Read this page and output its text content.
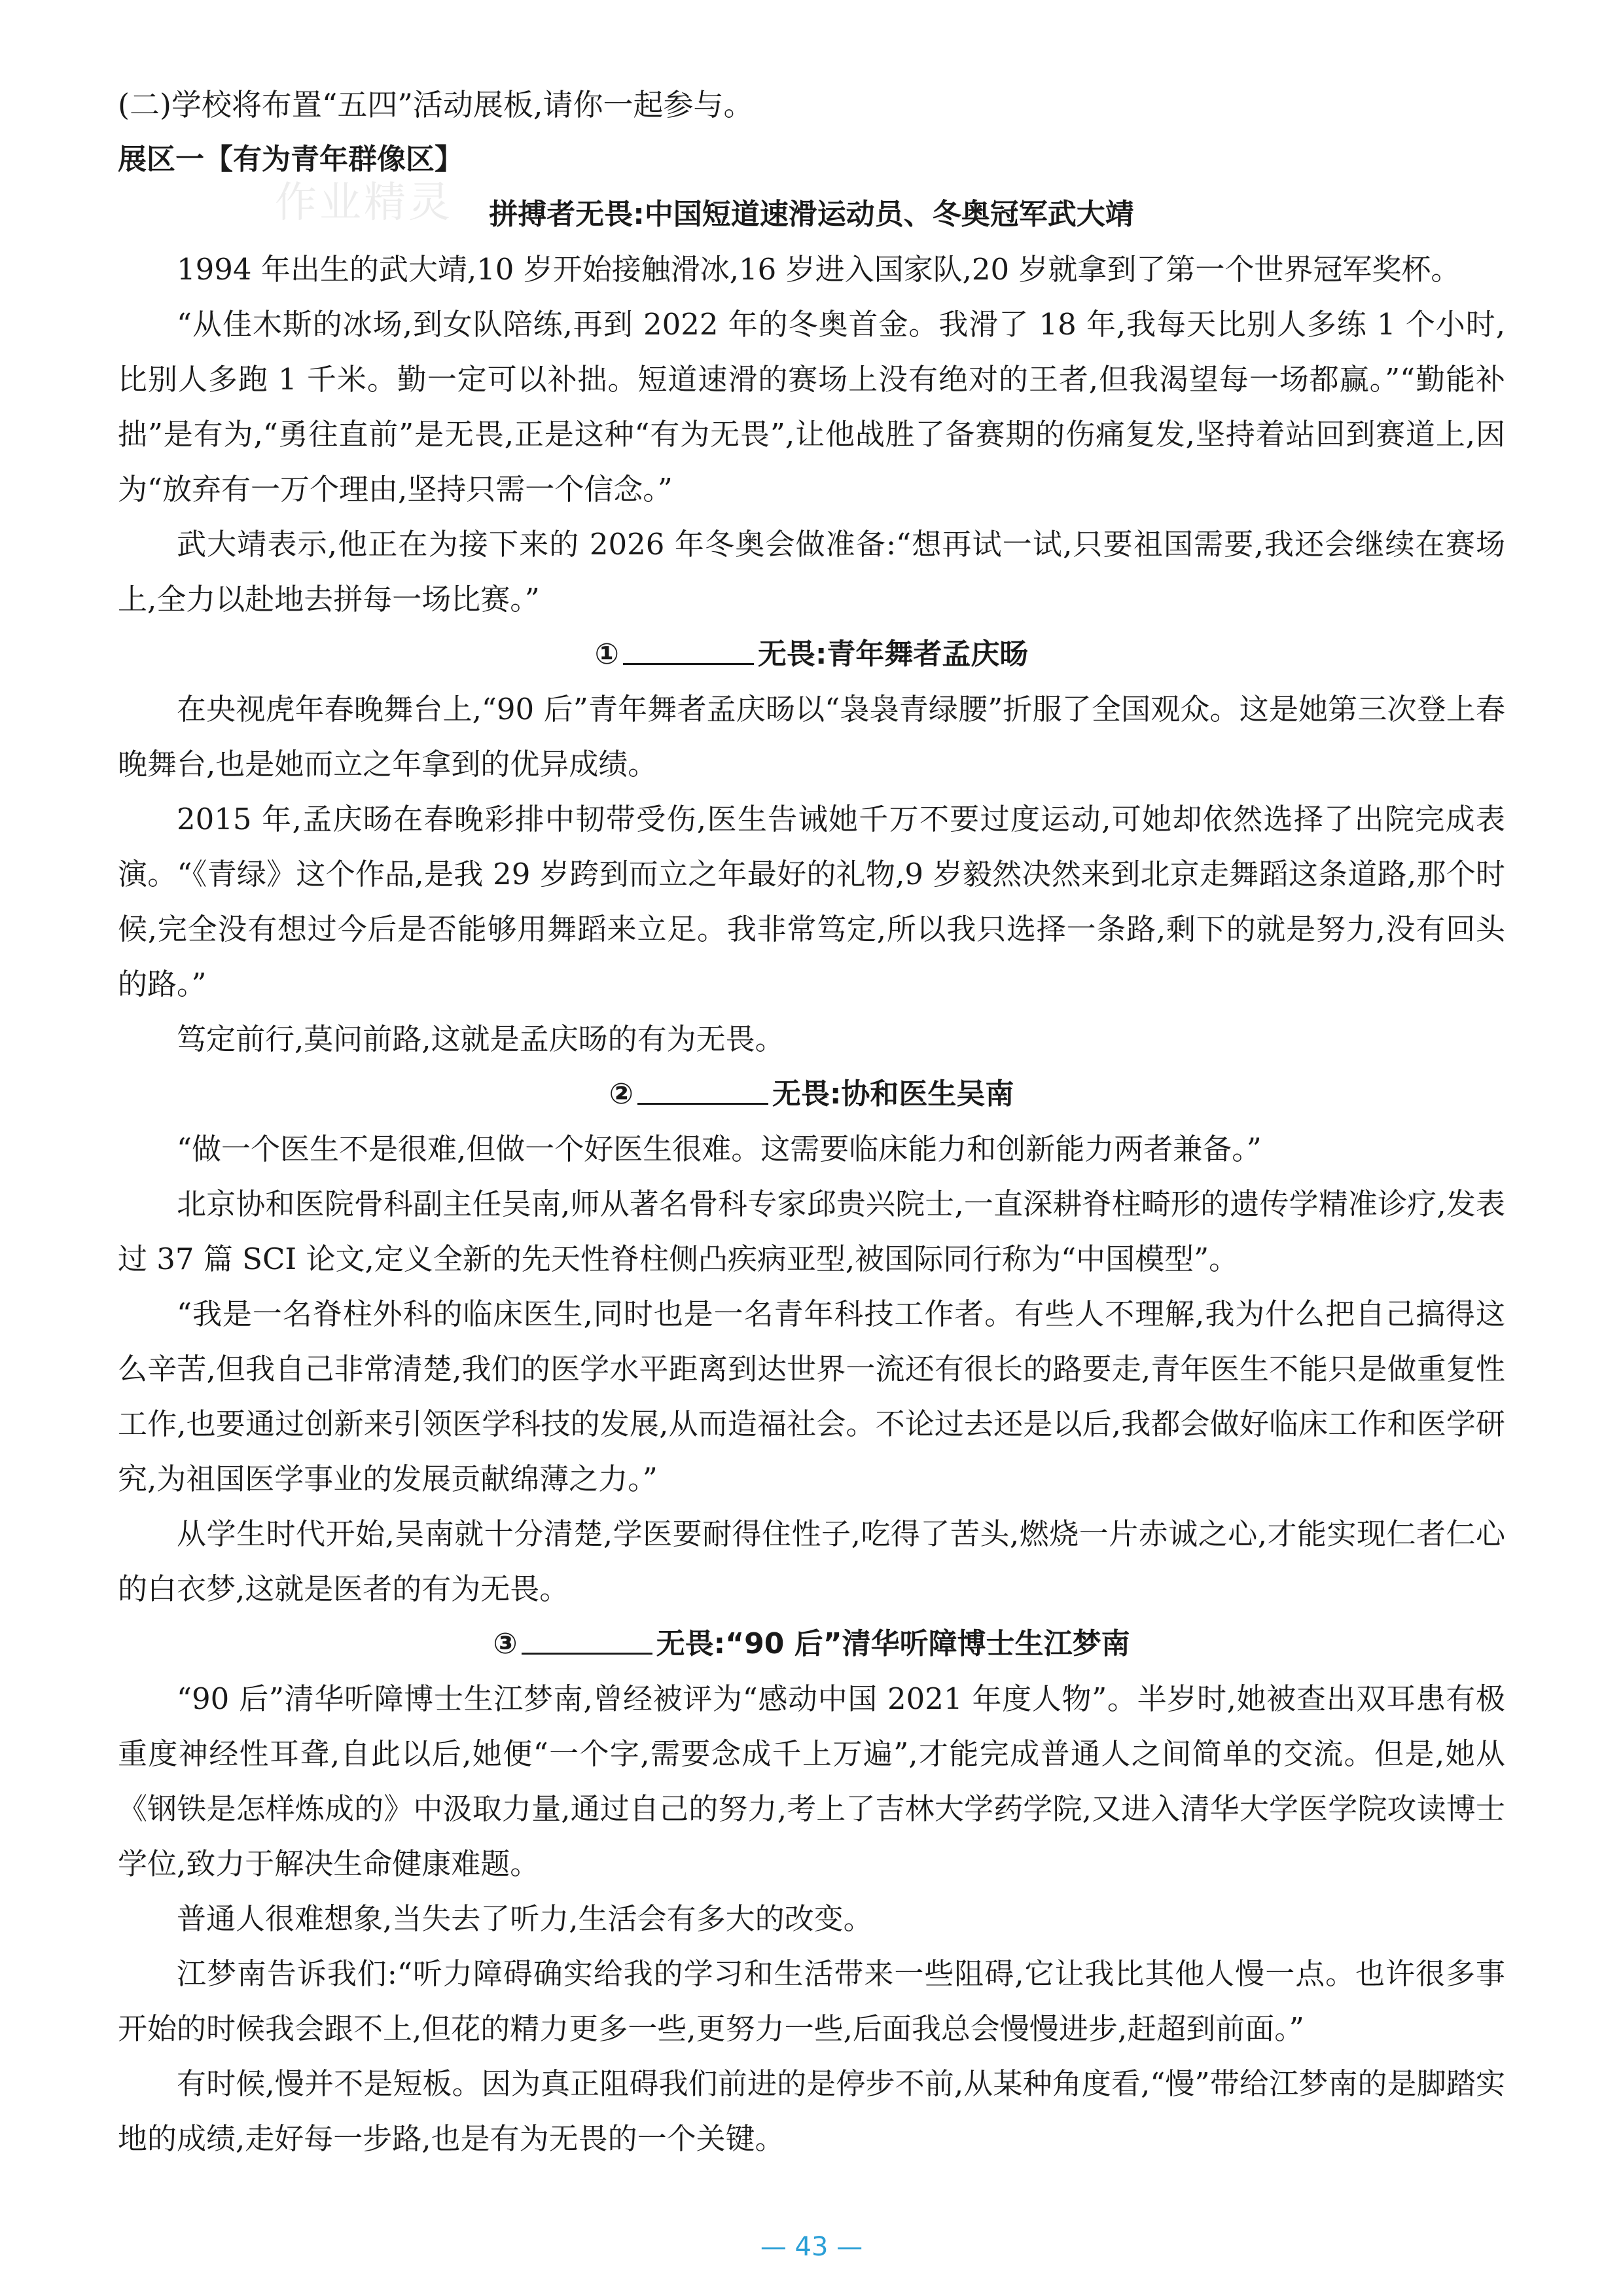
作业精灵

(二)学校将布置“五四”活动展板,请你一起参与。

展区一【有为青年群像区】

拼搏者无畏:中国短道速滑运动员、冬奥冠军武大靖

1994 年出生的武大靖,10 岁开始接触滑冰,16 岁进入国家队,20 岁就拿到了第一个世界冠军奖杯。

“从佳木斯的冰场,到女队陪练,再到 2022 年的冬奥首金。我滑了 18 年,我每天比别人多练 1 个小时,比别人多跑 1 千米。勤一定可以补拙。短道速滑的赛场上没有绝对的王者,但我渴望每一场都赢。”“勤能补拙”是有为,“勇往直前”是无畏,正是这种“有为无畏”,让他战胜了备赛期的伤痛复发,坚持着站回到赛道上,因为“放弃有一万个理由,坚持只需一个信念。”

武大靖表示,他正在为接下来的 2026 年冬奥会做准备:“想再试一试,只要祖国需要,我还会继续在赛场上,全力以赴地去拼每一场比赛。”

①	无畏:青年舞者孟庆旸

在央视虎年春晚舞台上,“90 后”青年舞者孟庆旸以“袅袅青绿腰”折服了全国观众。这是她第三次登上春晚舞台,也是她而立之年拿到的优异成绩。

2015 年,孟庆旸在春晚彩排中韧带受伤,医生告诫她千万不要过度运动,可她却依然选择了出院完成表演。“《青绿》这个作品,是我 29 岁跨到而立之年最好的礼物,9 岁毅然决然来到北京走舞蹈这条道路,那个时候,完全没有想过今后是否能够用舞蹈来立足。我非常笃定,所以我只选择一条路,剩下的就是努力,没有回头的路。”

笃定前行,莫问前路,这就是孟庆旸的有为无畏。

②	无畏:协和医生吴南

“做一个医生不是很难,但做一个好医生很难。这需要临床能力和创新能力两者兼备。”

北京协和医院骨科副主任吴南,师从著名骨科专家邱贵兴院士,一直深耕脊柱畸形的遗传学精准诊疗,发表过 37 篇 SCI 论文,定义全新的先天性脊柱侧凸疾病亚型,被国际同行称为“中国模型”。

“我是一名脊柱外科的临床医生,同时也是一名青年科技工作者。有些人不理解,我为什么把自己搞得这么辛苦,但我自己非常清楚,我们的医学水平距离到达世界一流还有很长的路要走,青年医生不能只是做重复性工作,也要通过创新来引领医学科技的发展,从而造福社会。不论过去还是以后,我都会做好临床工作和医学研究,为祖国医学事业的发展贡献绵薄之力。”

从学生时代开始,吴南就十分清楚,学医要耐得住性子,吃得了苦头,燃烧一片赤诚之心,才能实现仁者仁心的白衣梦,这就是医者的有为无畏。

③	无畏:“90 后”清华听障博士生江梦南

“90 后”清华听障博士生江梦南,曾经被评为“感动中国 2021 年度人物”。半岁时,她被查出双耳患有极重度神经性耳聋,自此以后,她便“一个字,需要念成千上万遍”,才能完成普通人之间简单的交流。但是,她从《钢铁是怎样炼成的》中汲取力量,通过自己的努力,考上了吉林大学药学院,又进入清华大学医学院攻读博士学位,致力于解决生命健康难题。

普通人很难想象,当失去了听力,生活会有多大的改变。

江梦南告诉我们:“听力障碍确实给我的学习和生活带来一些阻碍,它让我比其他人慢一点。也许很多事开始的时候我会跟不上,但花的精力更多一些,更努力一些,后面我总会慢慢进步,赶超到前面。”

有时候,慢并不是短板。因为真正阻碍我们前进的是停步不前,从某种角度看,“慢”带给江梦南的是脚踏实地的成绩,走好每一步路,也是有为无畏的一个关键。

— 43 —
